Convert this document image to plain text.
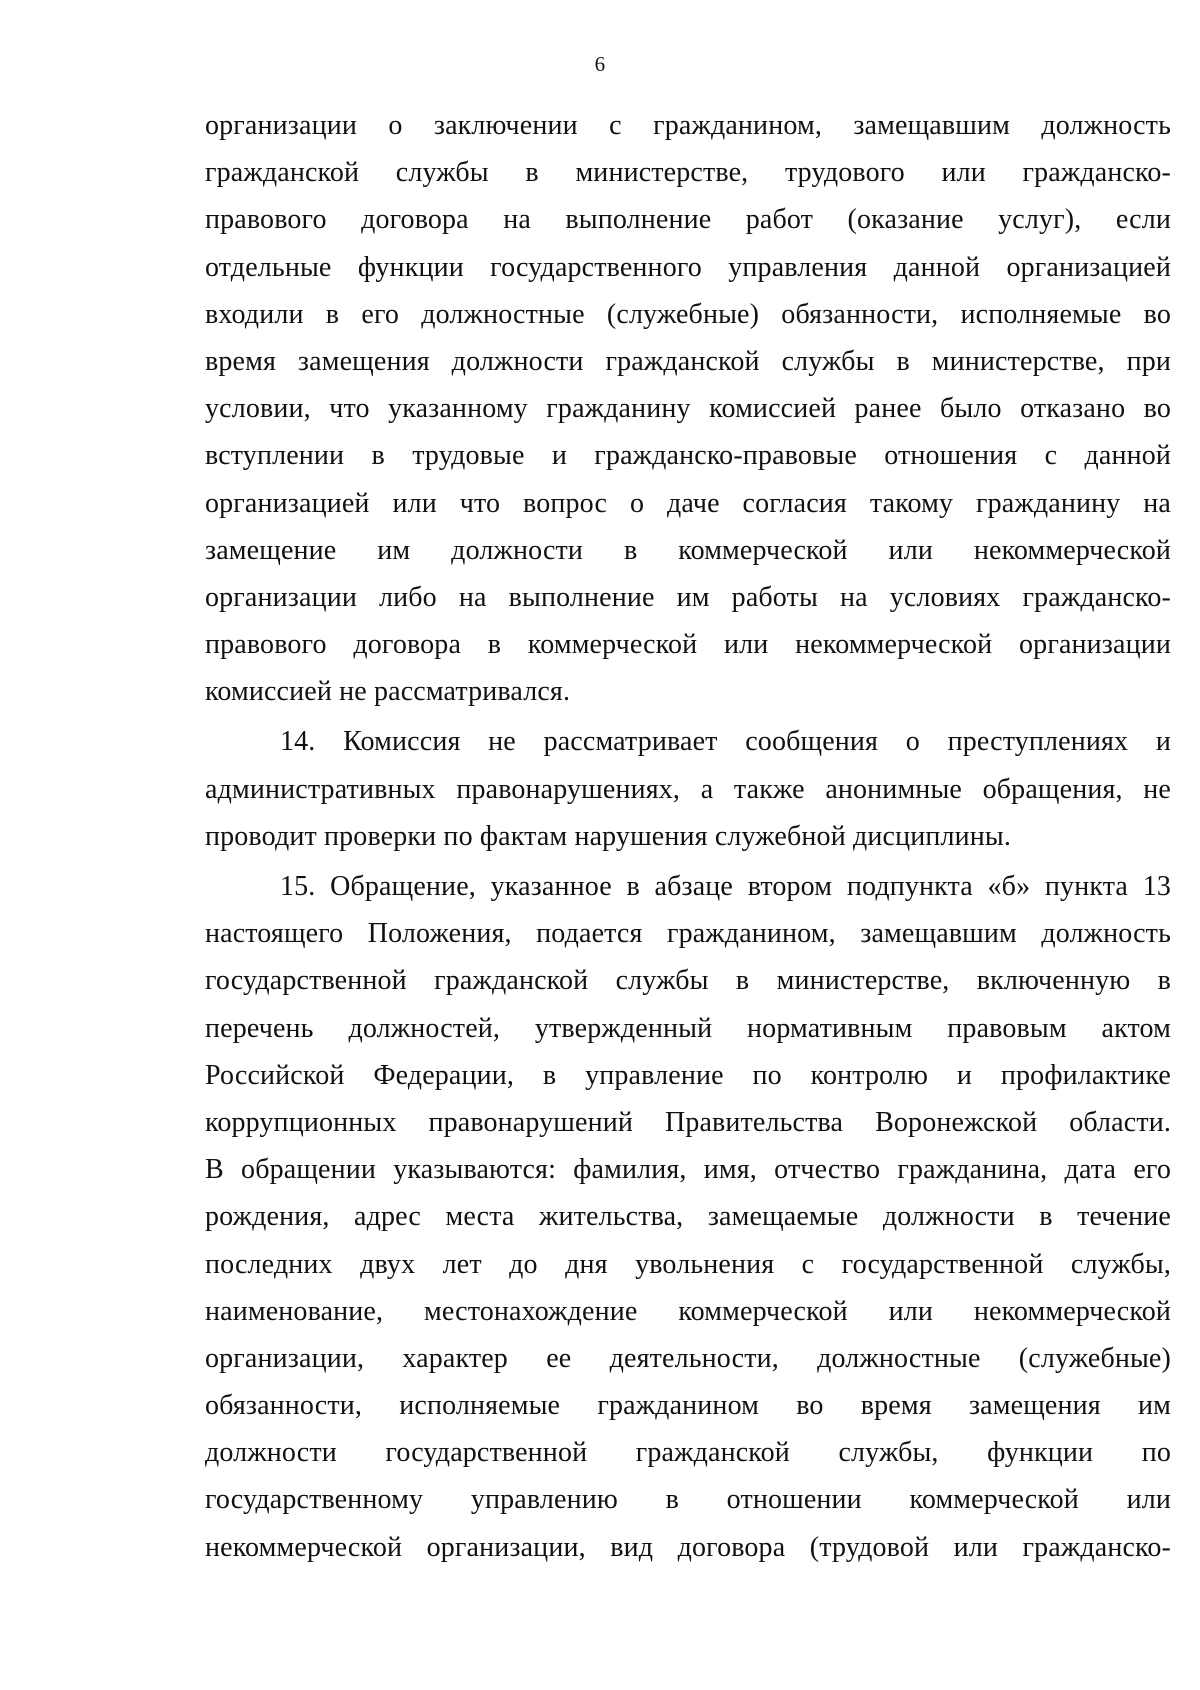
6
организации о заключении с гражданином, замещавшим должность
гражданской службы в министерстве, трудового или гражданско-
правового договора на выполнение работ (оказание услуг), если
отдельные функции государственного управления данной организацией
входили в его должностные (служебные) обязанности, исполняемые во
время замещения должности гражданской службы в министерстве, при
условии, что указанному гражданину комиссией ранее было отказано во
вступлении в трудовые и гражданско-правовые отношения с данной
организацией или что вопрос о даче согласия такому гражданину на
замещение им должности в коммерческой или некоммерческой
организации либо на выполнение им работы на условиях гражданско-
правового договора в коммерческой или некоммерческой организации
комиссией не рассматривался.
14. Комиссия не рассматривает сообщения о преступлениях и
административных правонарушениях, а также анонимные обращения, не
проводит проверки по фактам нарушения служебной дисциплины.
15. Обращение, указанное в абзаце втором подпункта «б» пункта 13
настоящего Положения, подается гражданином, замещавшим должность
государственной гражданской службы в министерстве, включенную в
перечень должностей, утвержденный нормативным правовым актом
Российской Федерации, в управление по контролю и профилактике
коррупционных правонарушений Правительства Воронежской области.
В обращении указываются: фамилия, имя, отчество гражданина, дата его
рождения, адрес места жительства, замещаемые должности в течение
последних двух лет до дня увольнения с государственной службы,
наименование, местонахождение коммерческой или некоммерческой
организации, характер ее деятельности, должностные (служебные)
обязанности, исполняемые гражданином во время замещения им
должности государственной гражданской службы, функции по
государственному управлению в отношении коммерческой или
некоммерческой организации, вид договора (трудовой или гражданско-
